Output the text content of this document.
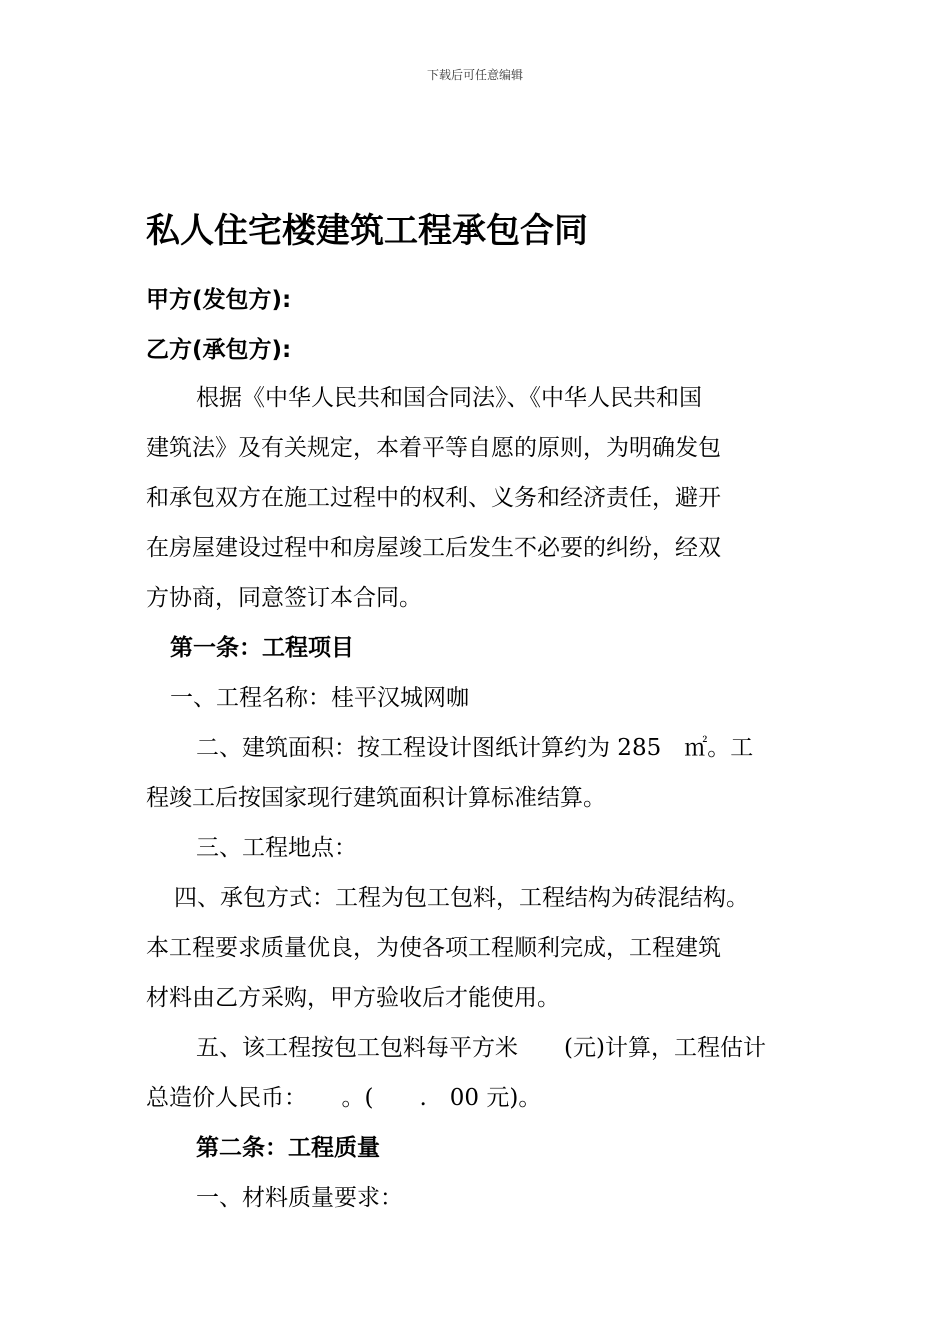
下载后可任意编辑
私人住宅楼建筑工程承包合同
甲方(发包方):
乙方(承包方):
根据《中华人民共和国合同法》、《中华人民共和国
建筑法》及有关规定，本着平等自愿的原则，为明确发包
和承包双方在施工过程中的权利、义务和经济责任，避开
在房屋建设过程中和房屋竣工后发生不必要的纠纷，经双
方协商，同意签订本合同。
第一条：工程项目
一、工程名称：桂平汉城网咖
二、建筑面积：按工程设计图纸计算约为 285　㎡。工
程竣工后按国家现行建筑面积计算标准结算。
三、工程地点：
四、承包方式：工程为包工包料，工程结构为砖混结构。
本工程要求质量优良，为使各项工程顺利完成，工程建筑
材料由乙方采购，甲方验收后才能使用。
五、该工程按包工包料每平方米　　(元)计算，工程估计
总造价人民币：　　。(　　.　00 元)。
第二条：工程质量
一、材料质量要求：
